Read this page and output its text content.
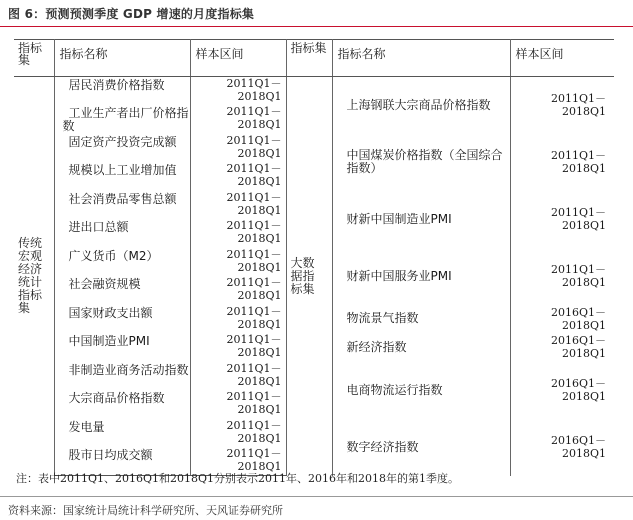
图 6：预测预测季度 GDP 增速的月度指标集
指标集	指标名称	样本区间	指标集	指标名称	样本区间

传统宏观经济统计指标集	居民消费价格指数	2011Q1－2018Q1	大数据指标集	上海钢联大宗商品价格指数	2011Q1－2018Q1
	工业生产者出厂价格指数	2011Q1－2018Q1			
	固定资产投资完成额	2011Q1－2018Q1		中国煤炭价格指数（全国综合指数）	2011Q1－2018Q1
	规模以上工业增加值	2011Q1－2018Q1			
	社会消费品零售总额	2011Q1－2018Q1		财新中国制造业PMI	2011Q1－2018Q1
	进出口总额	2011Q1－2018Q1			
	广义货币（M2）	2011Q1－2018Q1		财新中国服务业PMI	2011Q1－2018Q1
	社会融资规模	2011Q1－2018Q1			
	国家财政支出额	2011Q1－2018Q1		物流景气指数	2016Q1－2018Q1
	中国制造业PMI	2011Q1－2018Q1		新经济指数	2016Q1－2018Q1
	非制造业商务活动指数	2011Q1－2018Q1		电商物流运行指数	2016Q1－2018Q1
	大宗商品价格指数	2011Q1－2018Q1			
	发电量	2011Q1－2018Q1		数字经济指数	2016Q1－2018Q1
	股市日均成交额	2011Q1－2018Q1			
注：表中2011Q1、2016Q1和2018Q1分别表示2011年、2016年和2018年的第1季度。
资料来源：国家统计局统计科学研究所、天风证券研究所
